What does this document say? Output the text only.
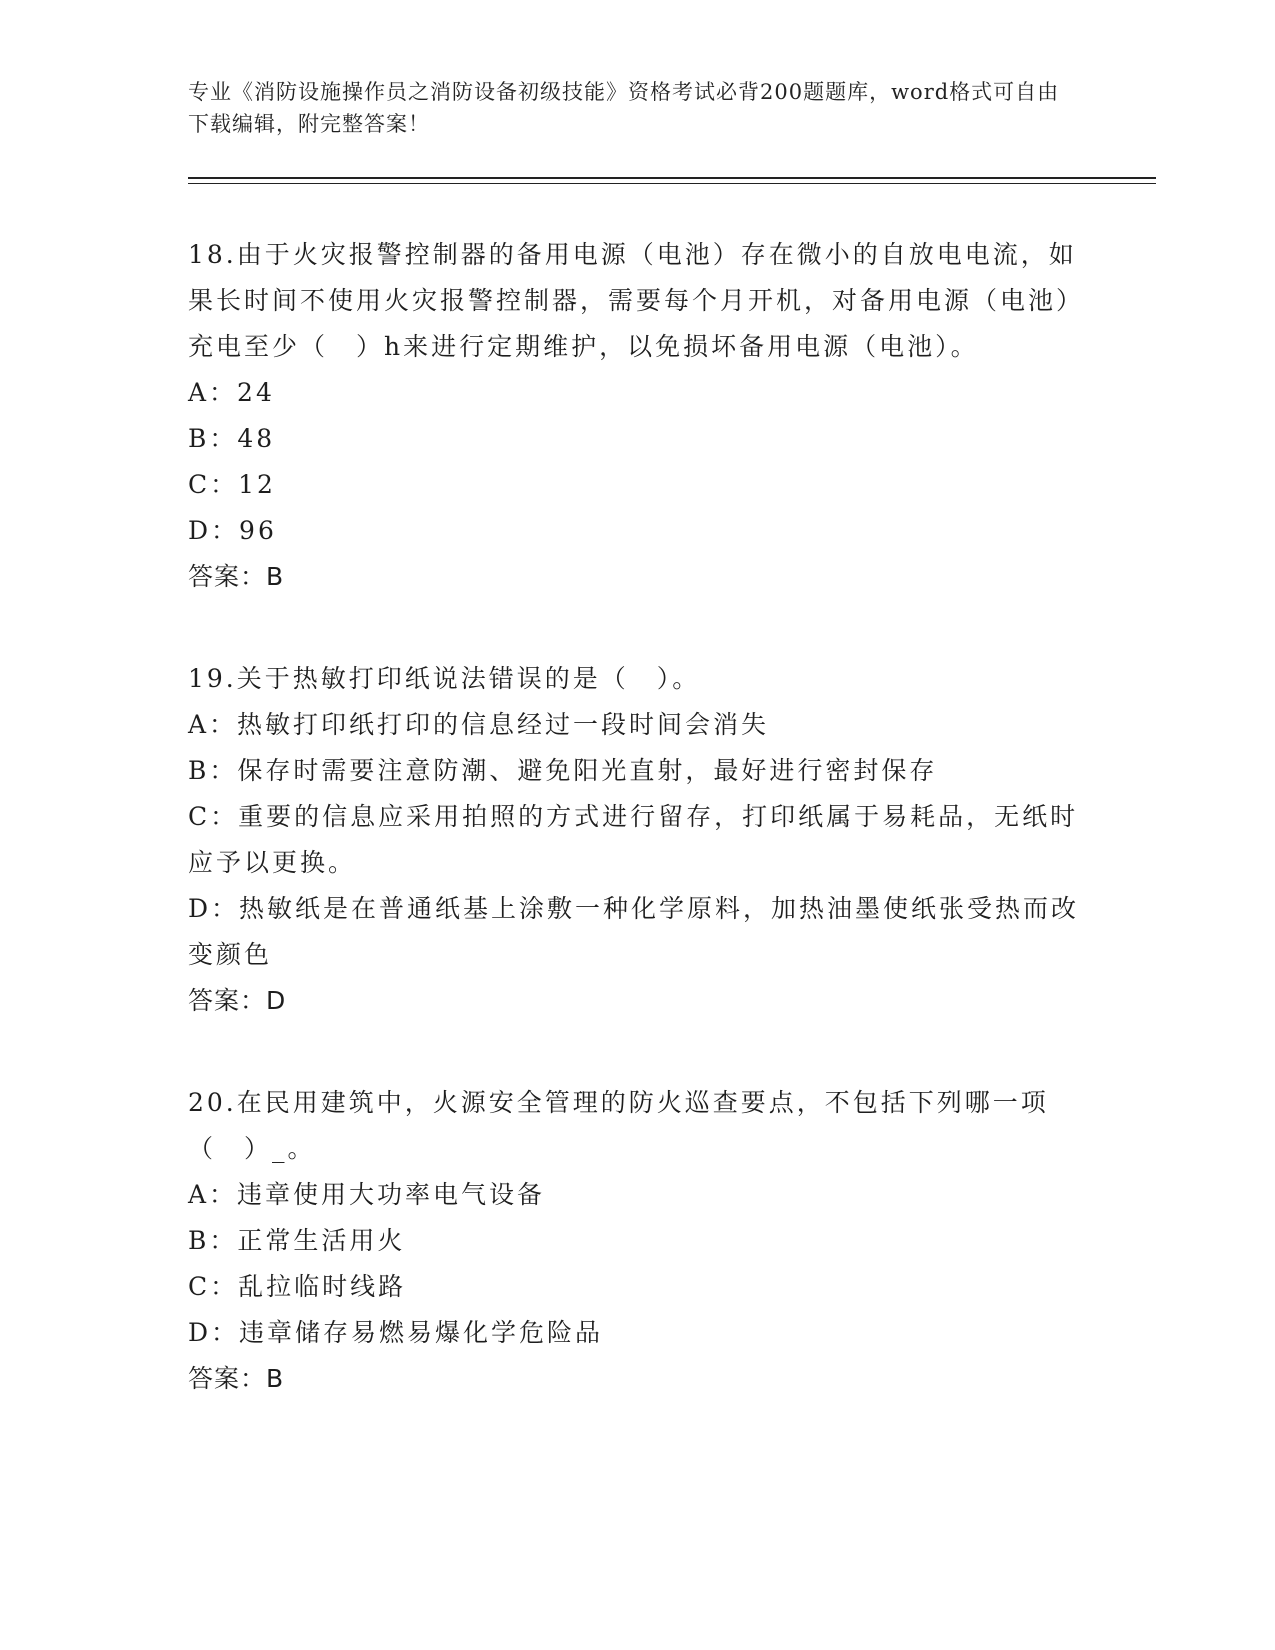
专业《消防设施操作员之消防设备初级技能》资格考试必背200题题库，word格式可自由下载编辑，附完整答案！

18.由于火灾报警控制器的备用电源（电池）存在微小的自放电电流，如果长时间不使用火灾报警控制器，需要每个月开机，对备用电源（电池）充电至少（　）h来进行定期维护，以免损坏备用电源（电池）。

A：24

B：48

C：12

D：96

答案：B

19.关于热敏打印纸说法错误的是（　）。

A：热敏打印纸打印的信息经过一段时间会消失

B：保存时需要注意防潮、避免阳光直射，最好进行密封保存

C：重要的信息应采用拍照的方式进行留存，打印纸属于易耗品，无纸时应予以更换。

D：热敏纸是在普通纸基上涂敷一种化学原料，加热油墨使纸张受热而改变颜色

答案：D

20.在民用建筑中，火源安全管理的防火巡查要点，不包括下列哪一项（　）_。

A：违章使用大功率电气设备

B：正常生活用火

C：乱拉临时线路

D：违章储存易燃易爆化学危险品

答案：B
